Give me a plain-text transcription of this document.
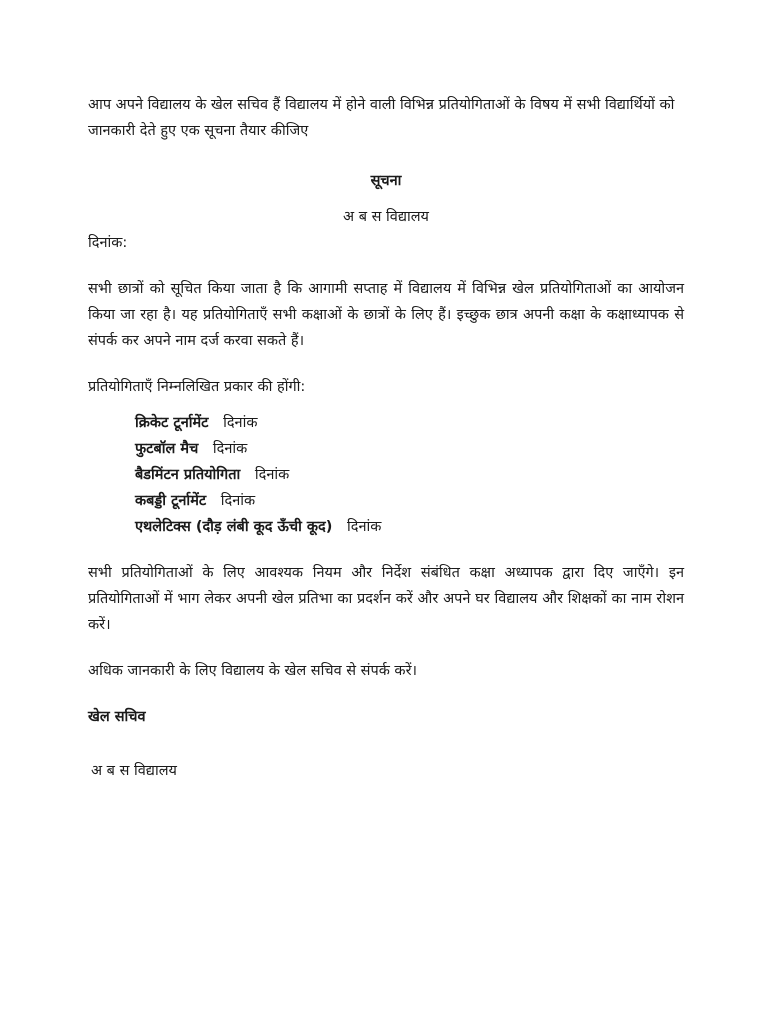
आप अपने विद्यालय के खेल सचिव हैं विद्यालय में होने वाली विभिन्न प्रतियोगिताओं के विषय में सभी विद्यार्थियों को जानकारी देते हुए एक सूचना तैयार कीजिए

सूचना

अ ब स विद्यालय

दिनांक:

सभी छात्रों को सूचित किया जाता है कि आगामी सप्ताह में विद्यालय में विभिन्न खेल प्रतियोगिताओं का आयोजन किया जा रहा है। यह प्रतियोगिताएँ सभी कक्षाओं के छात्रों के लिए हैं। इच्छुक छात्र अपनी कक्षा के कक्षाध्यापक से संपर्क कर अपने नाम दर्ज करवा सकते हैं।

प्रतियोगिताएँ निम्नलिखित प्रकार की होंगी:

क्रिकेट टूर्नामेंट दिनांक
फुटबॉल मैच दिनांक
बैडमिंटन प्रतियोगिता दिनांक
कबड्डी टूर्नामेंट दिनांक
एथलेटिक्स (दौड़ लंबी कूद ऊँची कूद) दिनांक

सभी प्रतियोगिताओं के लिए आवश्यक नियम और निर्देश संबंधित कक्षा अध्यापक द्वारा दिए जाएँगे। इन प्रतियोगिताओं में भाग लेकर अपनी खेल प्रतिभा का प्रदर्शन करें और अपने घर विद्यालय और शिक्षकों का नाम रोशन करें।

अधिक जानकारी के लिए विद्यालय के खेल सचिव से संपर्क करें।

खेल सचिव

अ ब स विद्यालय
